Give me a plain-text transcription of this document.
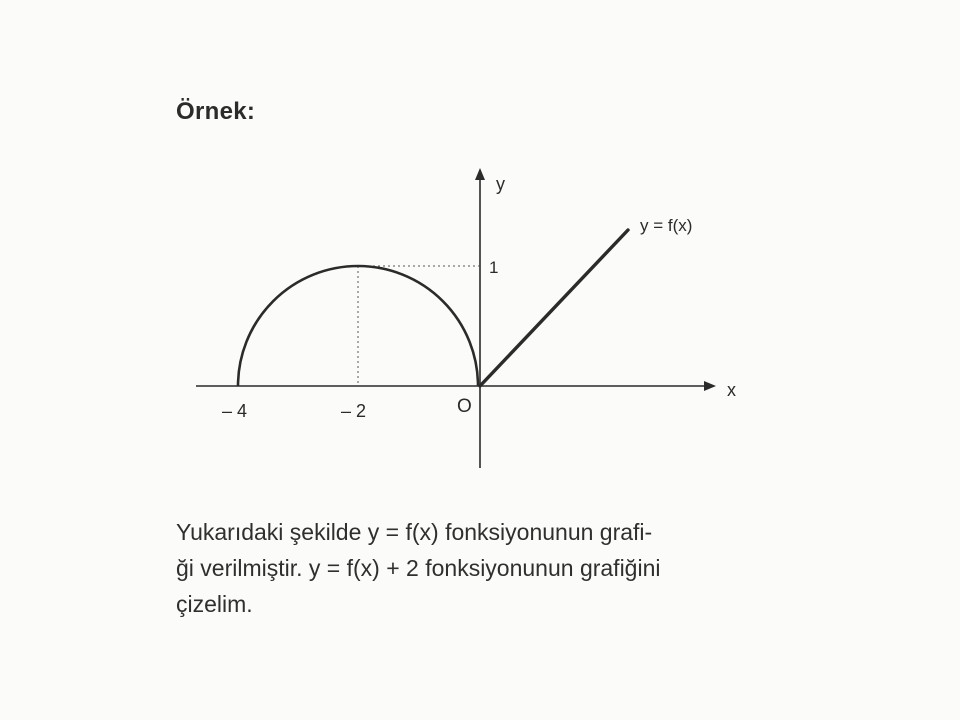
Örnek:
y
x
O
– 4	– 2
1
y = f(x)
Yukarıdaki şekilde y = f(x) fonksiyonunun grafi-
ği verilmiştir. y = f(x) + 2 fonksiyonunun grafiğini
çizelim.
